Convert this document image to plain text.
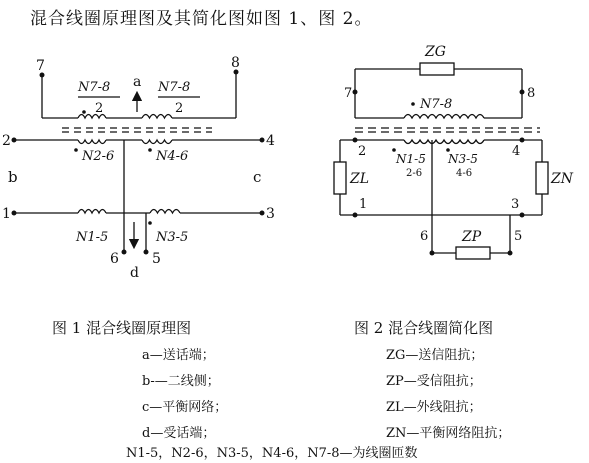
混合线圈原理图及其简化图如图 1、图 2。
7	8
2	4
1	3
6 5
a
b	c
d
N7-8
2
N7-8
2
N2-6	N4-6
N1-5	N3-5
ZG
7	8
N7-8
2	4
N1-5
2-6
N3-5
4-6
ZL	ZN
1	3
6	5
ZP
图 1 混合线圈原理图	图 2 混合线圈简化图
a—送话端；
b-—二线侧；
c—平衡网络；
d—受话端；
ZG—送信阻抗；
ZP—受信阻抗；
ZL—外线阻抗；
ZN—平衡网络阻抗；
N1-5，N2-6，N3-5，N4-6，N7-8—为线圈匝数
